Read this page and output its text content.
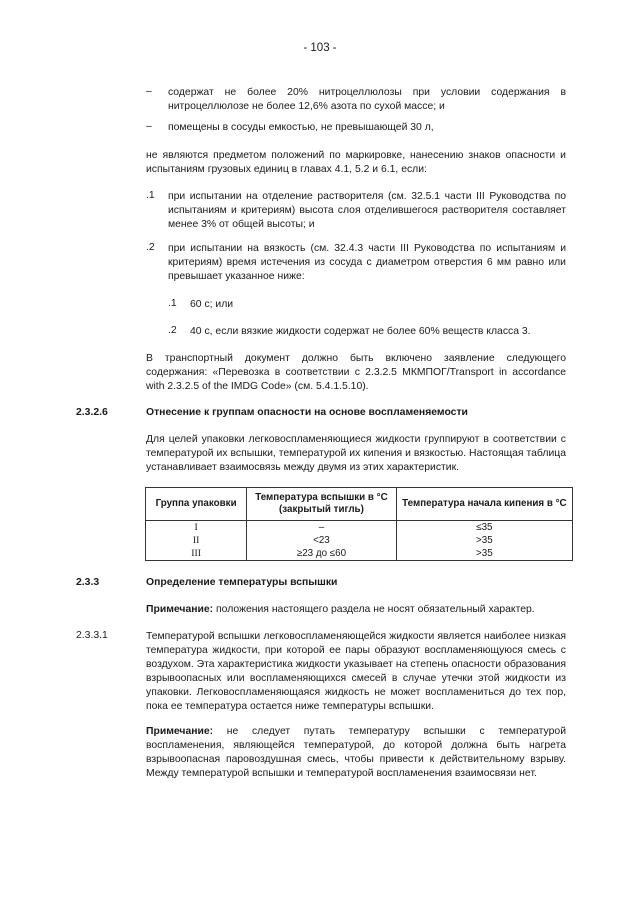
- 103 -
–	содержат не более 20% нитроцеллюлозы при условии содержания в нитроцеллюлозе не более 12,6% азота по сухой массе; и
–	помещены в сосуды емкостью, не превышающей 30 л,
не являются предметом положений по маркировке, нанесению знаков опасности и испытаниям грузовых единиц в главах 4.1, 5.2 и 6.1, если:
.1 при испытании на отделение растворителя (см. 32.5.1 части III Руководства по испытаниям и критериям) высота слоя отделившегося растворителя составляет менее 3% от общей высоты; и
.2 при испытании на вязкость (см. 32.4.3 части III Руководства по испытаниям и критериям) время истечения из сосуда с диаметром отверстия 6 мм равно или превышает указанное ниже:
.1 60 с; или
.2 40 с, если вязкие жидкости содержат не более 60% веществ класса 3.
В транспортный документ должно быть включено заявление следующего содержания: «Перевозка в соответствии с 2.3.2.5 МКМПОГ/Transport in accordance with 2.3.2.5 of the IMDG Code» (см. 5.4.1.5.10).
2.3.2.6	Отнесение к группам опасности на основе воспламеняемости
Для целей упаковки легковоспламеняющиеся жидкости группируют в соответствии с температурой их вспышки, температурой их кипения и вязкостью. Настоящая таблица устанавливает взаимосвязь между двумя из этих характеристик.
Группа упаковки	Температура вспышки в °C (закрытый тигль)	Температура начала кипения в °C
I	–	≤35
II	<23	>35
III	≥23 до ≤60	>35
2.3.3	Определение температуры вспышки
Примечание: положения настоящего раздела не носят обязательный характер.
2.3.3.1	Температурой вспышки легковоспламеняющейся жидкости является наиболее низкая температура жидкости, при которой ее пары образуют воспламеняющуюся смесь с воздухом. Эта характеристика жидкости указывает на степень опасности образования взрывоопасных или воспламеняющихся смесей в случае утечки этой жидкости из упаковки. Легковоспламеняющаяся жидкость не может воспламениться до тех пор, пока ее температура остается ниже температуры вспышки.
Примечание: не следует путать температуру вспышки с температурой воспламенения, являющейся температурой, до которой должна быть нагрета взрывоопасная паровоздушная смесь, чтобы привести к действительному взрыву. Между температурой вспышки и температурой воспламенения взаимосвязи нет.
